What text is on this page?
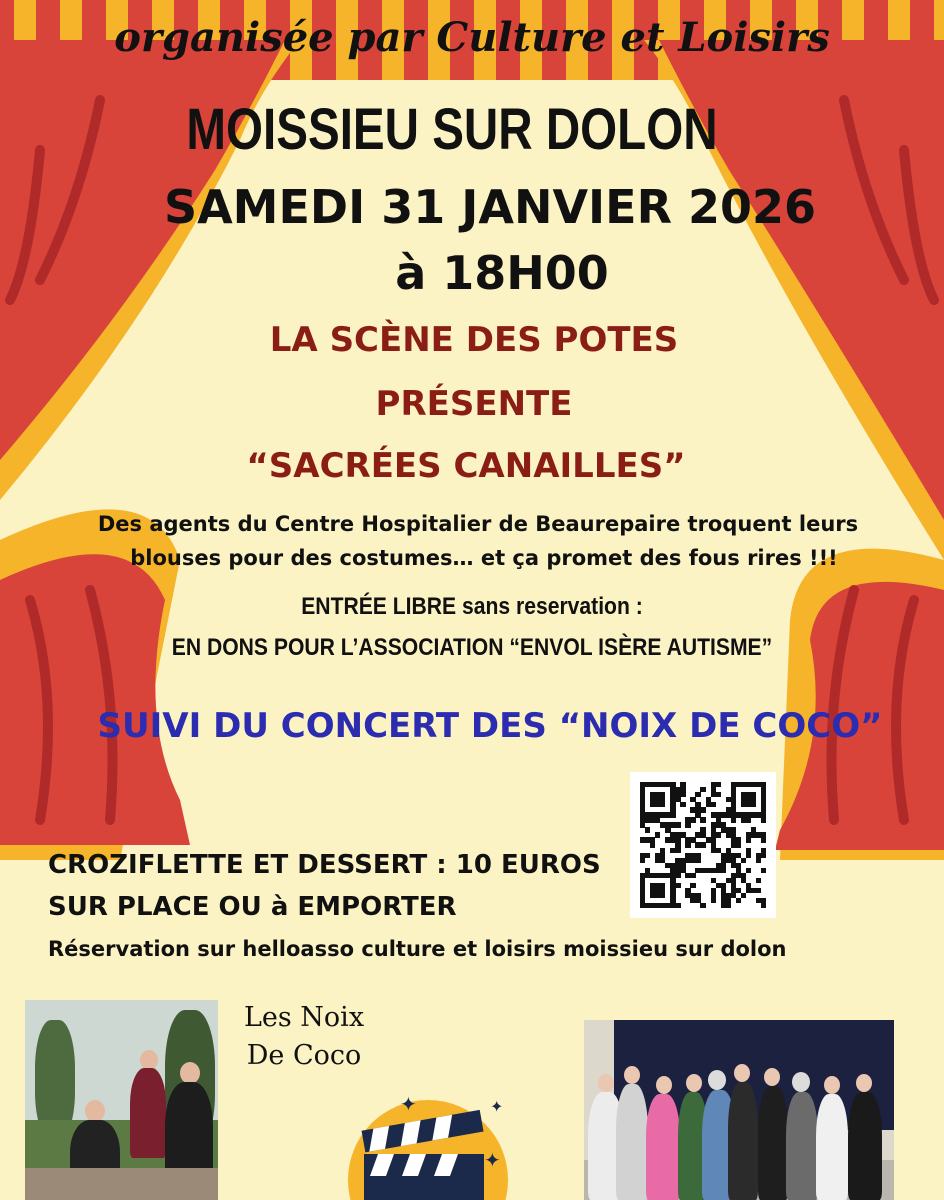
organisée par Culture et Loisirs
MOISSIEU SUR DOLON
SAMEDI 31 JANVIER 2026
à 18H00
LA SCÈNE DES POTES
PRÉSENTE
“SACRÉES CANAILLES”
Des agents du Centre Hospitalier de Beaurepaire troquent leurs
blouses pour des costumes… et ça promet des fous rires !!!
ENTRÉE LIBRE sans reservation :
EN DONS POUR L’ASSOCIATION “ENVOL ISÈRE AUTISME”
SUIVI DU CONCERT DES “NOIX DE COCO”
CROZIFLETTE ET DESSERT : 10 EUROS
SUR PLACE OU à EMPORTER
Réservation sur helloasso culture et loisirs moissieu sur dolon
Les Noix
De Coco
✦	✦
✦
